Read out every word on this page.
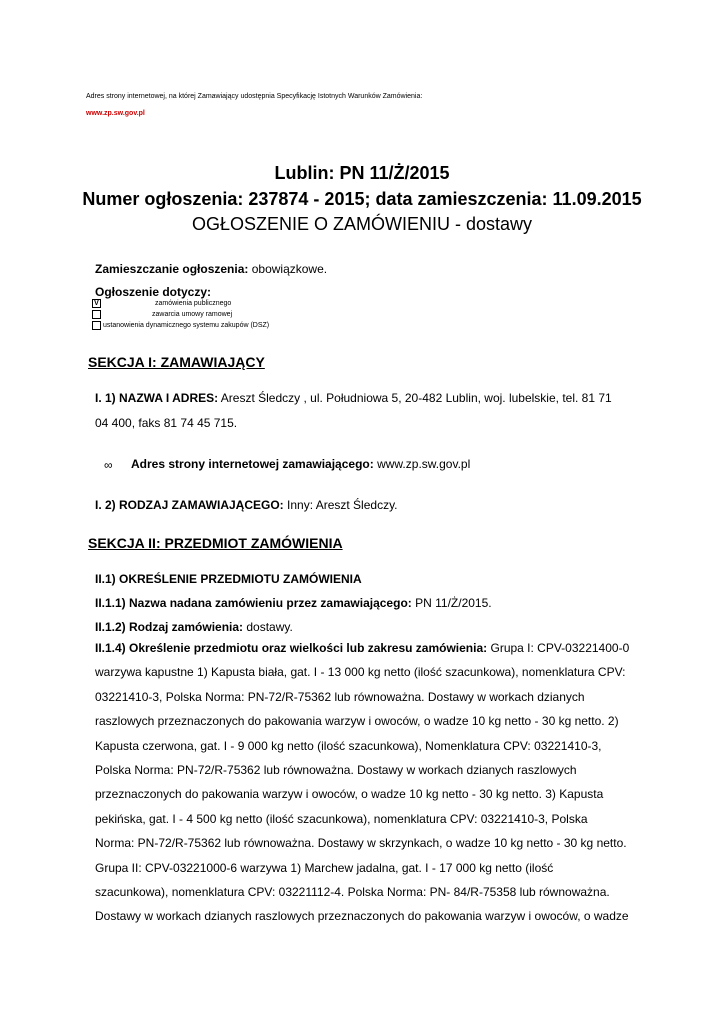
Adres strony internetowej, na której Zamawiający udostępnia Specyfikację Istotnych Warunków Zamówienia:
www.zp.sw.gov.pl
Lublin: PN 11/Ż/2015
Numer ogłoszenia: 237874 - 2015; data zamieszczenia: 11.09.2015
OGŁOSZENIE O ZAMÓWIENIU - dostawy
Zamieszczanie ogłoszenia: obowiązkowe.
Ogłoszenie dotyczy:
V	zamówienia publicznego
zawarcia umowy ramowej
ustanowienia dynamicznego systemu zakupów (DSZ)
SEKCJA I: ZAMAWIAJĄCY
I. 1) NAZWA I ADRES: Areszt Śledczy , ul. Południowa 5, 20-482 Lublin, woj. lubelskie, tel. 81 71
04 400, faks 81 74 45 715.
∞ Adres strony internetowej zamawiającego: www.zp.sw.gov.pl
I. 2) RODZAJ ZAMAWIAJĄCEGO: Inny: Areszt Śledczy.
SEKCJA II: PRZEDMIOT ZAMÓWIENIA
II.1) OKREŚLENIE PRZEDMIOTU ZAMÓWIENIA
II.1.1) Nazwa nadana zamówieniu przez zamawiającego: PN 11/Ż/2015.
II.1.2) Rodzaj zamówienia: dostawy.
II.1.4) Określenie przedmiotu oraz wielkości lub zakresu zamówienia: Grupa I: CPV-03221400-0
warzywa kapustne 1) Kapusta biała, gat. I - 13 000 kg netto (ilość szacunkowa), nomenklatura CPV:
03221410-3, Polska Norma: PN-72/R-75362 lub równoważna. Dostawy w workach dzianych
raszlowych przeznaczonych do pakowania warzyw i owoców, o wadze 10 kg netto - 30 kg netto. 2)
Kapusta czerwona, gat. I - 9 000 kg netto (ilość szacunkowa), Nomenklatura CPV: 03221410-3,
Polska Norma: PN-72/R-75362 lub równoważna. Dostawy w workach dzianych raszlowych
przeznaczonych do pakowania warzyw i owoców, o wadze 10 kg netto - 30 kg netto. 3) Kapusta
pekińska, gat. I - 4 500 kg netto (ilość szacunkowa), nomenklatura CPV: 03221410-3, Polska
Norma: PN-72/R-75362 lub równoważna. Dostawy w skrzynkach, o wadze 10 kg netto - 30 kg netto.
Grupa II: CPV-03221000-6 warzywa 1) Marchew jadalna, gat. I - 17 000 kg netto (ilość
szacunkowa), nomenklatura CPV: 03221112-4. Polska Norma: PN- 84/R-75358 lub równoważna.
Dostawy w workach dzianych raszlowych przeznaczonych do pakowania warzyw i owoców, o wadze
